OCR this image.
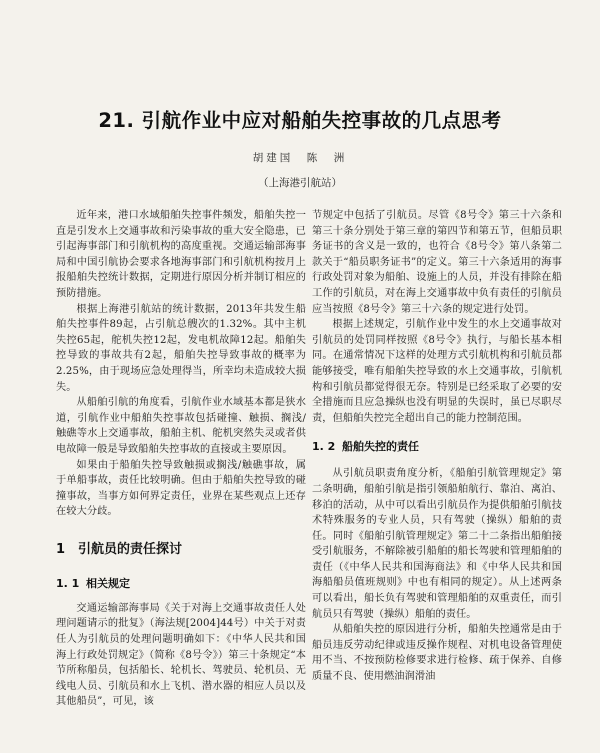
21. 引航作业中应对船舶失控事故的几点思考
胡建国　陈　洲
（上海港引航站）

近年来，港口水域船舶失控事件频发，船舶失控一直是引发水上交通事故和污染事故的重大安全隐患，已引起海事部门和引航机构的高度重视。交通运输部海事局和中国引航协会要求各地海事部门和引航机构按月上报船舶失控统计数据，定期进行原因分析并制订相应的预防措施。

根据上海港引航站的统计数据，2013年共发生船舶失控事件89起，占引航总艘次的1.32%。其中主机失控65起，舵机失控12起，发电机故障12起。船舶失控导致的事故共有2起，船舶失控导致事故的概率为2.25%，由于现场应急处理得当，所幸均未造成较大损失。

从船舶引航的角度看，引航作业水域基本都是狭水道，引航作业中船舶失控事故包括碰撞、触损、搁浅/触礁等水上交通事故，船舶主机、舵机突然失灵或者供电故障一般是导致船舶失控事故的直接或主要原因。

如果由于船舶失控导致触损或搁浅/触礁事故，属于单船事故，责任比较明确。但由于船舶失控导致的碰撞事故，当事方如何界定责任，业界在某些观点上还存在较大分歧。

1 引航员的责任探讨
1. 1 相关规定

交通运输部海事局《关于对海上交通事故责任人处理问题请示的批复》（海法规[2004]44号）中关于对责任人为引航员的处理问题明确如下：《中华人民共和国海上行政处罚规定》（简称《8号令》）第三十条规定“本节所称船员，包括船长、轮机长、驾驶员、轮机员、无线电人员、引航员和水上飞机、潜水器的相应人员以及其他船员”，可见，该

节规定中包括了引航员。尽管《8号令》第三十六条和第三十条分别处于第三章的第四节和第五节，但船员职务证书的含义是一致的，也符合《8号令》第八条第二款关于“船员职务证书”的定义。第三十六条适用的海事行政处罚对象为船舶、设施上的人员，并没有排除在船工作的引航员，对在海上交通事故中负有责任的引航员应当按照《8号令》第三十六条的规定进行处罚。

根据上述规定，引航作业中发生的水上交通事故对引航员的处罚同样按照《8号令》执行，与船长基本相同。在通常情况下这样的处理方式引航机构和引航员都能够接受，唯有船舶失控导致的水上交通事故，引航机构和引航员都觉得很无奈。特别是已经采取了必要的安全措施而且应急操纵也没有明显的失误时，虽已尽职尽责，但船舶失控完全超出自己的能力控制范围。

1. 2 船舶失控的责任

从引航员职责角度分析，《船舶引航管理规定》第二条明确，船舶引航是指引领船舶航行、靠泊、离泊、移泊的活动，从中可以看出引航员作为提供船舶引航技术特殊服务的专业人员，只有驾驶（操纵）船舶的责任。同时《船舶引航管理规定》第二十二条指出船舶接受引航服务，不解除被引船舶的船长驾驶和管理船舶的责任（《中华人民共和国海商法》和《中华人民共和国海船船员值班规则》中也有相同的规定）。从上述两条可以看出，船长负有驾驶和管理船舶的双重责任，而引航员只有驾驶（操纵）船舶的责任。

从船舶失控的原因进行分析，船舶失控通常是由于船员违反劳动纪律或违反操作规程、对机电设备管理使用不当、不按预防检修要求进行检修、疏于保养、自修质量不良、使用燃油润滑油
